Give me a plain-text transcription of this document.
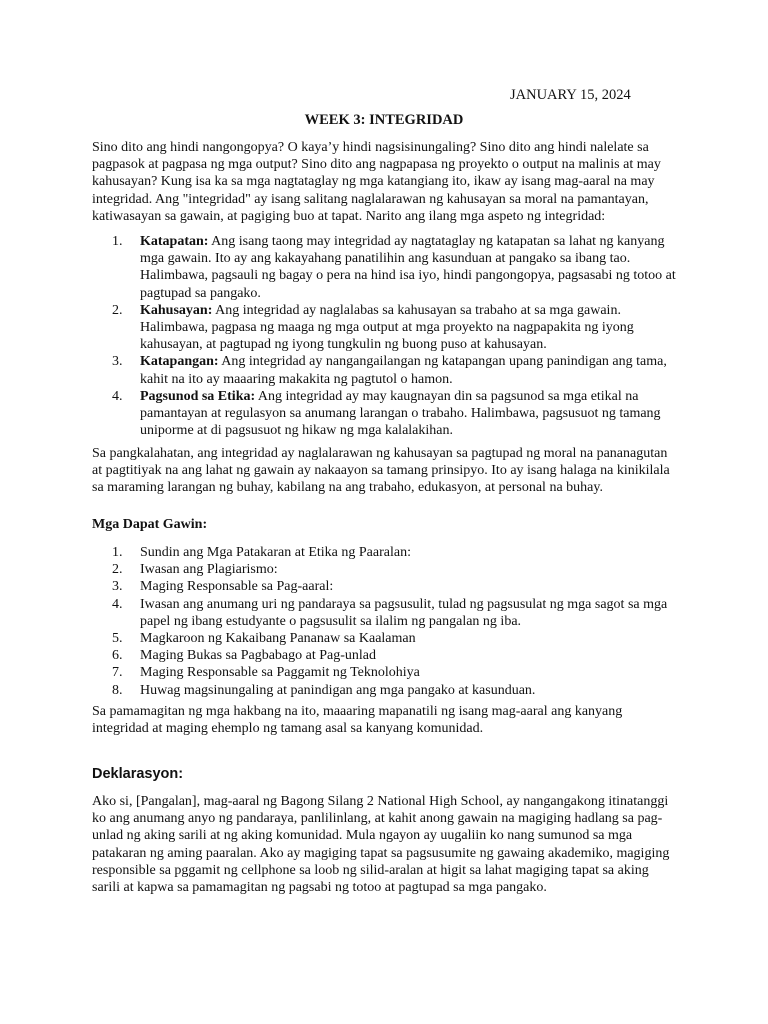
JANUARY 15, 2024
WEEK 3: INTEGRIDAD
Sino dito ang hindi nangongopya? O kaya’y hindi nagsisinungaling? Sino dito ang hindi nalelate sa pagpasok at pagpasa ng mga output? Sino dito ang nagpapasa ng proyekto o output na malinis at may kahusayan? Kung isa ka sa mga nagtataglay ng mga katangiang ito, ikaw ay isang mag-aaral na may integridad. Ang "integridad" ay isang salitang naglalarawan ng kahusayan sa moral na pamantayan, katiwasayan sa gawain, at pagiging buo at tapat. Narito ang ilang mga aspeto ng integridad:
1. Katapatan: Ang isang taong may integridad ay nagtataglay ng katapatan sa lahat ng kanyang mga gawain. Ito ay ang kakayahang panatilihin ang kasunduan at pangako sa ibang tao. Halimbawa, pagsauli ng bagay o pera na hind isa iyo, hindi pangongopya, pagsasabi ng totoo at pagtupad sa pangako.
2. Kahusayan: Ang integridad ay naglalabas sa kahusayan sa trabaho at sa mga gawain. Halimbawa, pagpasa ng maaga ng mga output at mga proyekto na nagpapakita ng iyong kahusayan, at pagtupad ng iyong tungkulin ng buong puso at kahusayan.
3. Katapangan: Ang integridad ay nangangailangan ng katapangan upang panindigan ang tama, kahit na ito ay maaaring makakita ng pagtutol o hamon.
4. Pagsunod sa Etika: Ang integridad ay may kaugnayan din sa pagsunod sa mga etikal na pamantayan at regulasyon sa anumang larangan o trabaho. Halimbawa, pagsusuot ng tamang uniporme at di pagsusuot ng hikaw ng mga kalalakihan.
Sa pangkalahatan, ang integridad ay naglalarawan ng kahusayan sa pagtupad ng moral na pananagutan at pagtitiyak na ang lahat ng gawain ay nakaayon sa tamang prinsipyo. Ito ay isang halaga na kinikilala sa maraming larangan ng buhay, kabilang na ang trabaho, edukasyon, at personal na buhay.
Mga Dapat Gawin:
1. Sundin ang Mga Patakaran at Etika ng Paaralan:
2. Iwasan ang Plagiarismo:
3. Maging Responsable sa Pag-aaral:
4. Iwasan ang anumang uri ng pandaraya sa pagsusulit, tulad ng pagsusulat ng mga sagot sa mga papel ng ibang estudyante o pagsusulit sa ilalim ng pangalan ng iba.
5. Magkaroon ng Kakaibang Pananaw sa Kaalaman
6. Maging Bukas sa Pagbabago at Pag-unlad
7. Maging Responsable sa Paggamit ng Teknolohiya
8. Huwag magsinungaling at panindigan ang mga pangako at kasunduan.
Sa pamamagitan ng mga hakbang na ito, maaaring mapanatili ng isang mag-aaral ang kanyang integridad at maging ehemplo ng tamang asal sa kanyang komunidad.
Deklarasyon:
Ako si, [Pangalan], mag-aaral ng Bagong Silang 2 National High School, ay nangangakong itinatanggi ko ang anumang anyo ng pandaraya, panlilinlang, at kahit anong gawain na magiging hadlang sa pag-unlad ng aking sarili at ng aking komunidad. Mula ngayon ay uugaliin ko nang sumunod sa mga patakaran ng aming paaralan. Ako ay magiging tapat sa pagsusumite ng gawaing akademiko, magiging responsible sa pggamit ng cellphone sa loob ng silid-aralan at higit sa lahat magiging tapat sa aking sarili at kapwa sa pamamagitan ng pagsabi ng totoo at pagtupad sa mga pangako.
